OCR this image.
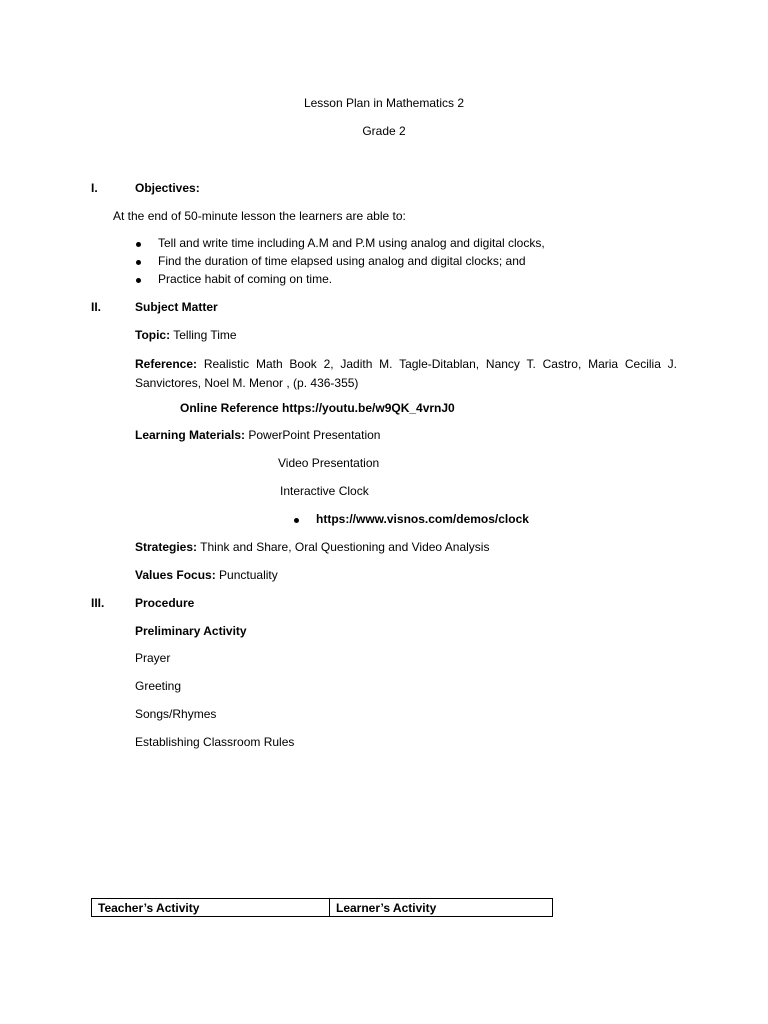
Lesson Plan in Mathematics 2
Grade 2
I.	Objectives:
At the end of 50-minute lesson the learners are able to:
Tell and write time including A.M and P.M using analog and digital clocks,
Find the duration of time elapsed using analog and digital clocks; and
Practice habit of coming on time.
II.	Subject Matter
Topic: Telling Time
Reference: Realistic Math Book 2, Jadith M. Tagle-Ditablan, Nancy T. Castro, Maria Cecilia J. Sanvictores, Noel M. Menor , (p. 436-355)
Online Reference https://youtu.be/w9QK_4vrnJ0
Learning Materials: PowerPoint Presentation
Video Presentation
Interactive Clock
https://www.visnos.com/demos/clock
Strategies: Think and Share, Oral Questioning and Video Analysis
Values Focus: Punctuality
III.	Procedure
Preliminary Activity
Prayer
Greeting
Songs/Rhymes
Establishing Classroom Rules
Teacher’s Activity	Learner’s Activity
